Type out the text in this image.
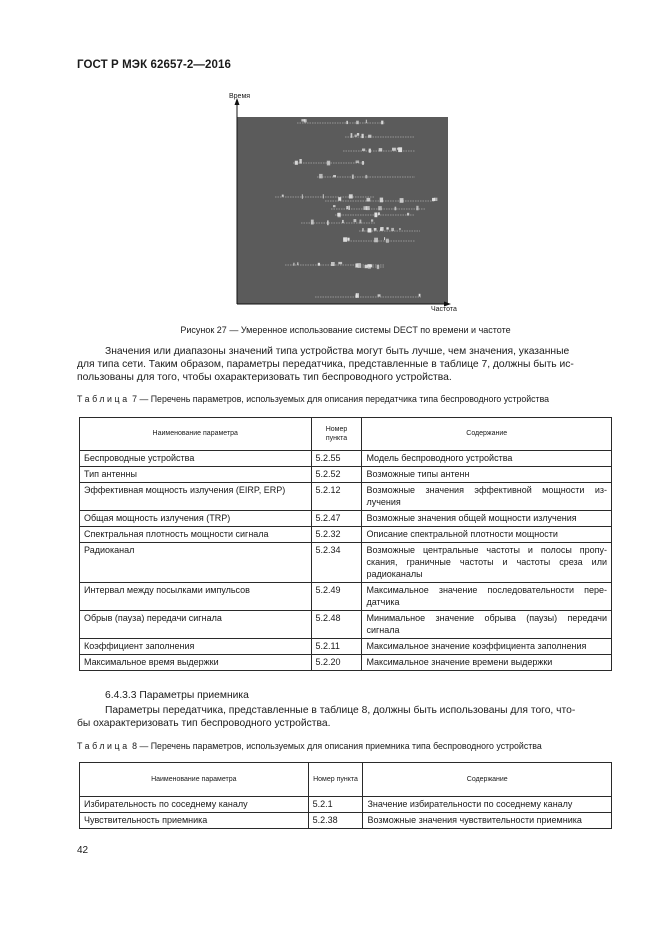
ГОСТ Р МЭК 62657-2—2016
Время
Частота
Рисунок 27 — Умеренное использование системы DECT по времени и частоте
Значения или диапазоны значений типа устройства могут быть лучше, чем значения, указанные
для типа сети. Таким образом, параметры передатчика, представленные в таблице 7, должны быть ис-
пользованы для того, чтобы охарактеризовать тип беспроводного устройства.
Таблица 7 — Перечень параметров, используемых для описания передатчика типа беспроводного устройства
Наименование параметра	Номер пункта	Содержание
Беспроводные устройства	5.2.55	Модель беспроводного устройства
Тип антенны	5.2.52	Возможные типы антенн
Эффективная мощность излучения (EIRP, ERP)	5.2.12	Возможные значения эффективной мощности из-лучения
Общая мощность излучения (TRP)	5.2.47	Возможные значения общей мощности излучения
Спектральная плотность мощности сигнала	5.2.32	Описание спектральной плотности мощности
Радиоканал	5.2.34	Возможные центральные частоты и полосы пропу-скания, граничные частоты и частоты среза или радиоканалы
Интервал между посылками импульсов	5.2.49	Максимальное значение последовательности пере-датчика
Обрыв (пауза) передачи сигнала	5.2.48	Минимальное значение обрыва (паузы) передачи сигнала
Коэффициент заполнения	5.2.11	Максимальное значение коэффициента заполнения
Максимальное время выдержки	5.2.20	Максимальное значение времени выдержки
6.4.3.3 Параметры приемника
Параметры передатчика, представленные в таблице 8, должны быть использованы для того, что-
бы охарактеризовать тип беспроводного устройства.
Таблица 8 — Перечень параметров, используемых для описания приемника типа беспроводного устройства
Наименование параметра	Номер пункта	Содержание
Избирательность по соседнему каналу	5.2.1	Значение избирательности по соседнему каналу
Чувствительность приемника	5.2.38	Возможные значения чувствительности приемника
42
